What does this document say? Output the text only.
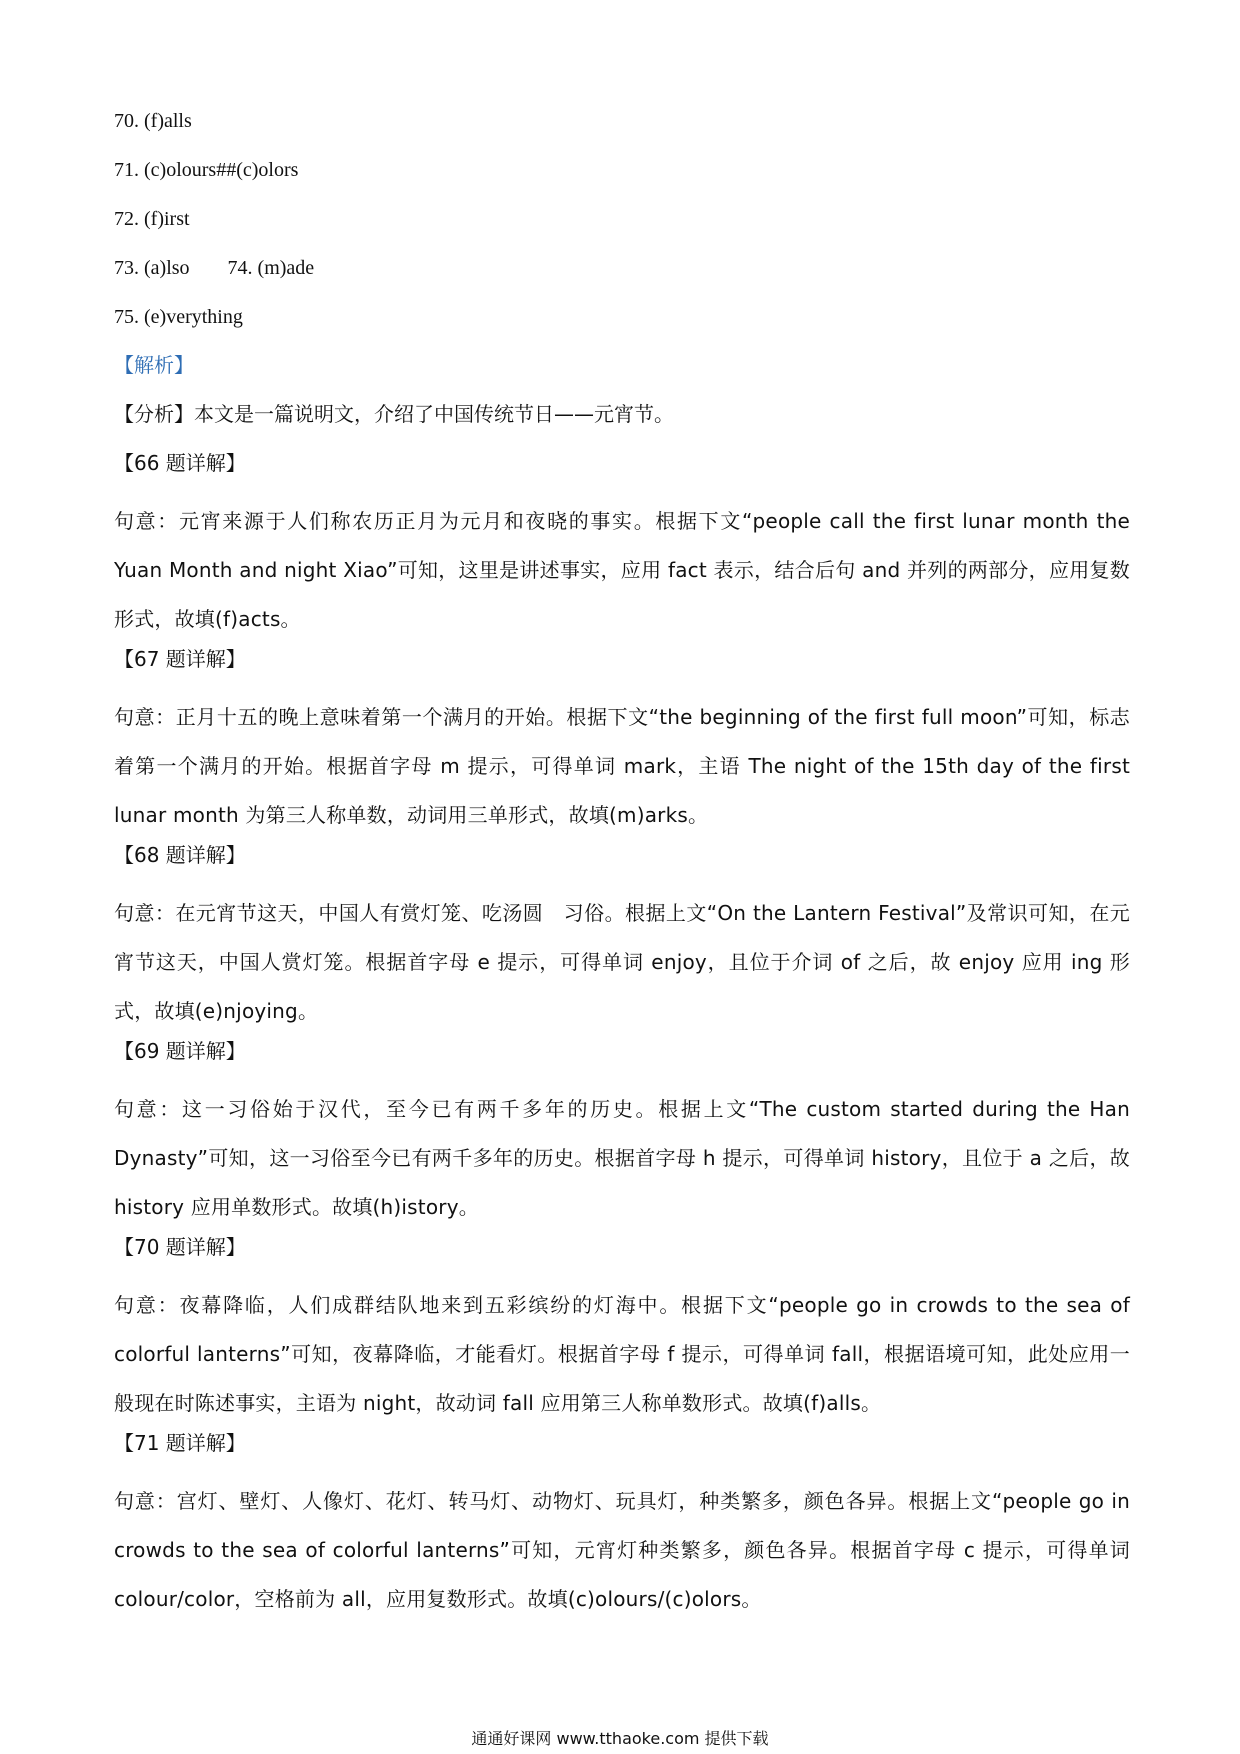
70. (f)alls
71. (c)olours##(c)olors
72. (f)irst
73. (a)lso 74. (m)ade
75. (e)verything
【解析】
【分析】本文是一篇说明文，介绍了中国传统节日——元宵节。
【66 题详解】

句意：元宵来源于人们称农历正月为元月和夜晓的事实。根据下文“people call the first lunar month the Yuan Month and night Xiao”可知，这里是讲述事实，应用 fact 表示，结合后句 and 并列的两部分，应用复数形式，故填(f)acts。

【67 题详解】

句意：正月十五的晚上意味着第一个满月的开始。根据下文“the beginning of the first full moon”可知，标志着第一个满月的开始。根据首字母 m 提示，可得单词 mark，主语 The night of the 15th day of the first lunar month 为第三人称单数，动词用三单形式，故填(m)arks。

【68 题详解】

句意：在元宵节这天，中国人有赏灯笼、吃汤圆　习俗。根据上文“On the Lantern Festival”及常识可知，在元宵节这天，中国人赏灯笼。根据首字母 e 提示，可得单词 enjoy，且位于介词 of 之后，故 enjoy 应用 ing 形式，故填(e)njoying。

【69 题详解】

句意：这一习俗始于汉代，至今已有两千多年的历史。根据上文“The custom started during the Han Dynasty”可知，这一习俗至今已有两千多年的历史。根据首字母 h 提示，可得单词 history，且位于 a 之后，故 history 应用单数形式。故填(h)istory。

【70 题详解】

句意：夜幕降临，人们成群结队地来到五彩缤纷的灯海中。根据下文“people go in crowds to the sea of colorful lanterns”可知，夜幕降临，才能看灯。根据首字母 f 提示，可得单词 fall，根据语境可知，此处应用一般现在时陈述事实，主语为 night，故动词 fall 应用第三人称单数形式。故填(f)alls。

【71 题详解】

句意：宫灯、壁灯、人像灯、花灯、转马灯、动物灯、玩具灯，种类繁多，颜色各异。根据上文“people go in crowds to the sea of colorful lanterns”可知，元宵灯种类繁多，颜色各异。根据首字母 c 提示，可得单词 colour/color，空格前为 all，应用复数形式。故填(c)olours/(c)olors。

通通好课网 www.tthaoke.com 提供下载
